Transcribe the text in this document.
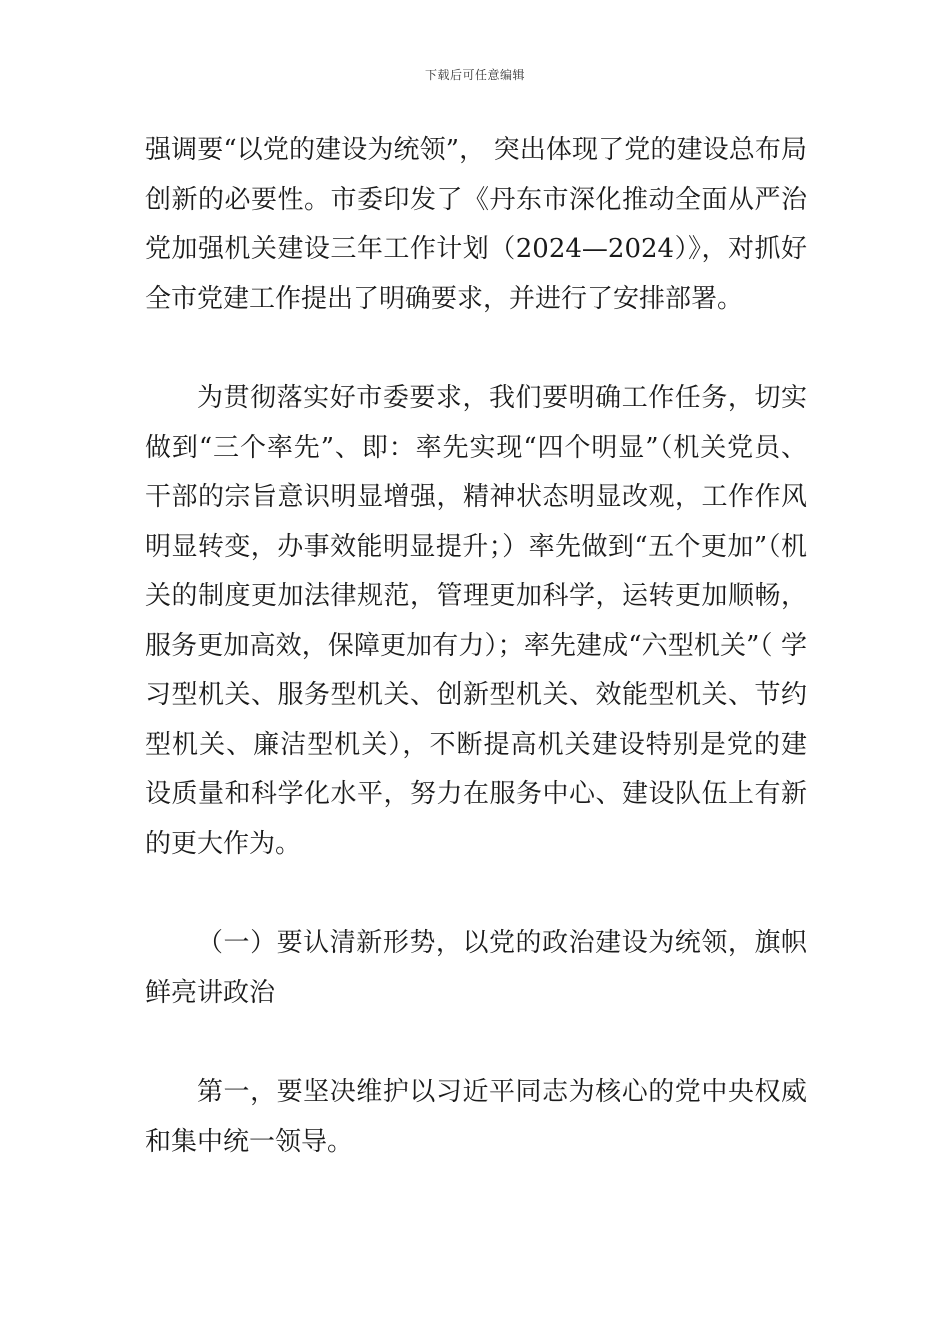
下载后可任意编辑

强调要“以党的建设为统领”， 突出体现了党的建设总布局创新的必要性。市委印发了《丹东市深化推动全面从严治党加强机关建设三年工作计划（2024—2024）》，对抓好全市党建工作提出了明确要求，并进行了安排部署。

为贯彻落实好市委要求，我们要明确工作任务，切实做到“三个率先”、即：率先实现“四个明显”（机关党员、干部的宗旨意识明显增强，精神状态明显改观，工作作风明显转变，办事效能明显提升；）率先做到“五个更加”（机关的制度更加法律规范，管理更加科学，运转更加顺畅，服务更加高效，保障更加有力）；率先建成“六型机关”（ 学习型机关、服务型机关、创新型机关、效能型机关、节约型机关、廉洁型机关），不断提高机关建设特别是党的建设质量和科学化水平，努力在服务中心、建设队伍上有新的更大作为。

（一）要认清新形势，以党的政治建设为统领，旗帜鲜亮讲政治

第一，要坚决维护以习近平同志为核心的党中央权威和集中统一领导。
